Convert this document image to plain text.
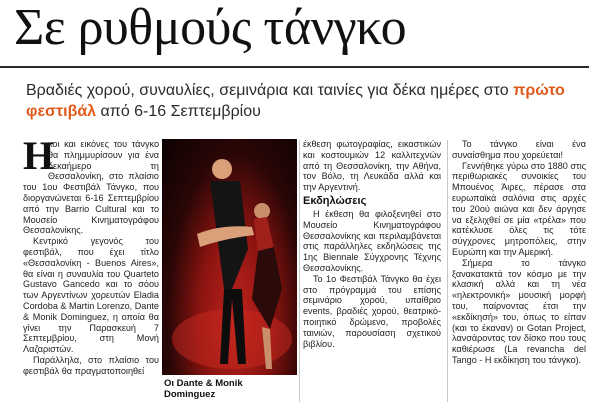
Σε ρυθμούς τάνγκο
Βραδιές χορού, συναυλίες, σεμινάρια και ταινίες για δέκα ημέρες στο πρώτο φεστιβάλ από 6-16 Σεπτεμβρίου
Η
κοι και εικόνες του τάνγκο θα πλημμυρίσουν για ένα δεκαήμερο τη Θεσσαλονίκη, στο πλαίσιο του 1ου Φεστιβάλ Τάνγκο, που διοργανώνεται 6-16 Σεπτεμβρίου από την Barrio Cultural και το Μουσείο Κινηματογράφου Θεσσαλονίκης.

Κεντρικό γεγονός του φεστιβάλ, που έχει τίτλο «Θεσσαλονίκη - Buenos Aires», θα είναι η συναυλία του Quarteto Gustavo Gancedo και το σόου των Αργεντίνων χορευτών Eladia Cordoba & Martin Lorenzo, Dante & Monik Dominguez, η οποία θα γίνει την Παρασκευή 7 Σεπτεμβρίου, στη Μονή Λαζαριστών.

Παράλληλα, στο πλαίσιο του φεστιβάλ θα πραγματοποιηθεί

Οι Dante & Monik Dominguez

έκθεση φωτογραφίας, εικαστικών και κοστουμιών 12 καλλιτεχνών από τη Θεσσαλονίκη, την Αθήνα, τον Βόλο, τη Λευκάδα αλλά και την Αργεντινή.

Εκδηλώσεις

Η έκθεση θα φιλοξενηθεί στο Μουσείο Κινηματογράφου Θεσσαλονίκης και περιλαμβάνεται στις παράλληλες εκδηλώσεις της 1ης Biennale Σύγχρονης Τέχνης Θεσσαλονίκης.

Το 1ο Φεστιβάλ Τάνγκο θα έχει στο πρόγραμμά του επίσης σεμινάριο χορού, υπαίθριο events, βραδιές χορού, θεατρικό-ποιητικό δρώμενο, προβολές ταινιών, παρουσίαση σχετικού βιβλίου.

Το τάνγκο είναι ένα συναίσθημα που χορεύεται!

Γεννήθηκε γύρω στο 1880 στις περιθωριακές συνοικίες του Μπουένος Άιρες, πέρασε στα ευρωπαϊκά σαλόνια στις αρχές του 20ού αιώνα και δεν άργησε να εξελιχθεί σε μία «τρέλα» που κατέκλυσε όλες τις τότε σύγχρονες μητροπόλεις, στην Ευρώπη και την Αμερική.

Σήμερα το τάνγκο ξανακατακτά τον κόσμο με την κλασική αλλά και τη νέα «ηλεκτρονική» μουσική μορφή του, παίρνοντας έτσι την «εκδίκησή» του, όπως το είπαν (και το έκαναν) οι Gotan Project, λανσάροντας τον δίσκο που τους καθιέρωσε (La revancha del Tango - Η εκδίκηση του τάνγκο).
